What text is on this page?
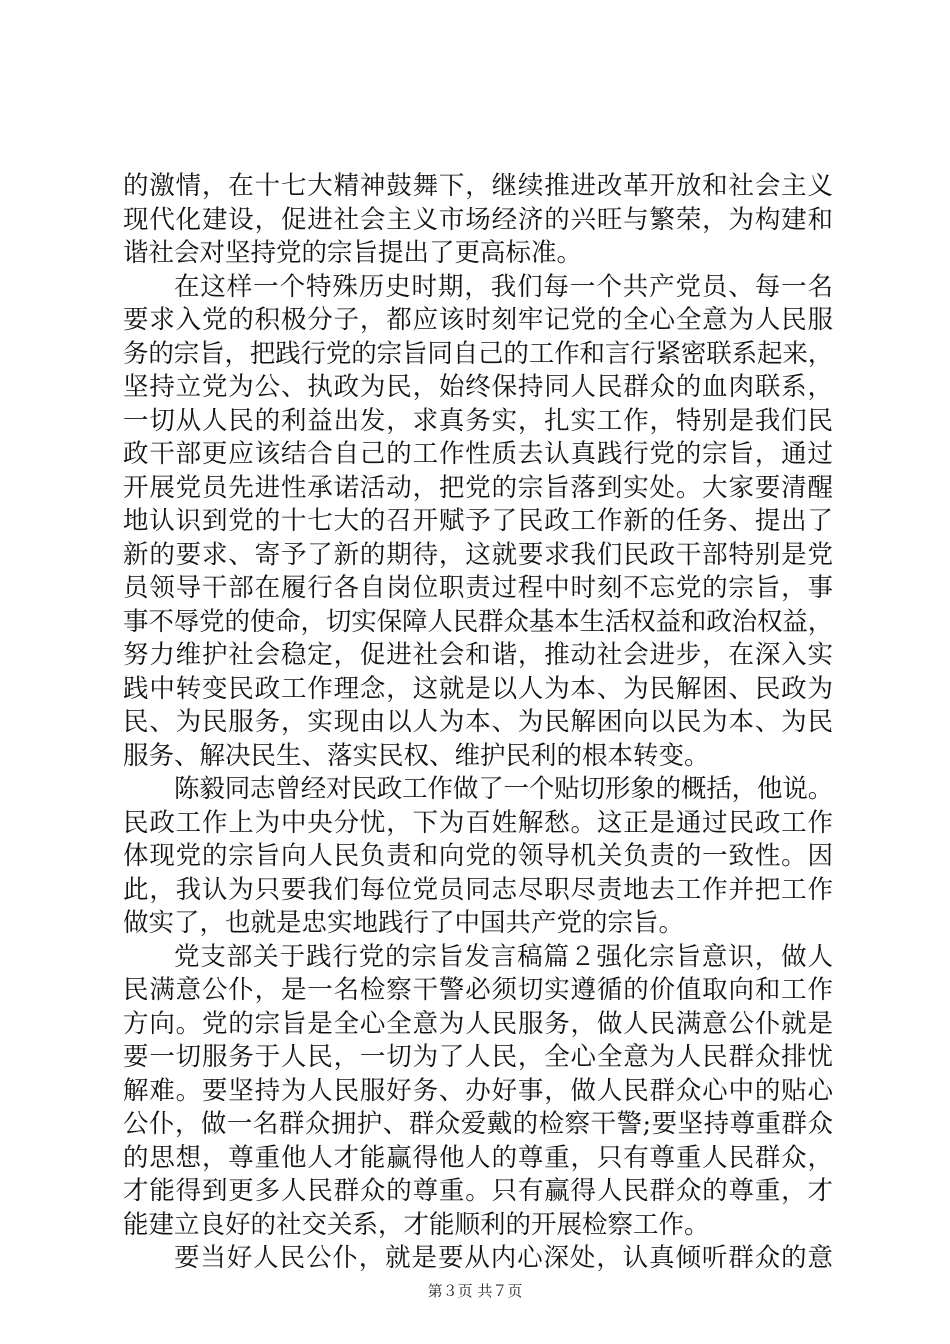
的激情，在十七大精神鼓舞下，继续推进改革开放和社会主义
现代化建设，促进社会主义市场经济的兴旺与繁荣，为构建和
谐社会对坚持党的宗旨提出了更高标准。
在这样一个特殊历史时期，我们每一个共产党员、每一名
要求入党的积极分子，都应该时刻牢记党的全心全意为人民服
务的宗旨，把践行党的宗旨同自己的工作和言行紧密联系起来，
坚持立党为公、执政为民，始终保持同人民群众的血肉联系，
一切从人民的利益出发，求真务实，扎实工作，特别是我们民
政干部更应该结合自己的工作性质去认真践行党的宗旨，通过
开展党员先进性承诺活动，把党的宗旨落到实处。大家要清醒
地认识到党的十七大的召开赋予了民政工作新的任务、提出了
新的要求、寄予了新的期待，这就要求我们民政干部特别是党
员领导干部在履行各自岗位职责过程中时刻不忘党的宗旨，事
事不辱党的使命，切实保障人民群众基本生活权益和政治权益，
努力维护社会稳定，促进社会和谐，推动社会进步，在深入实
践中转变民政工作理念，这就是以人为本、为民解困、民政为
民、为民服务，实现由以人为本、为民解困向以民为本、为民
服务、解决民生、落实民权、维护民利的根本转变。
陈毅同志曾经对民政工作做了一个贴切形象的概括，他说。
民政工作上为中央分忧，下为百姓解愁。这正是通过民政工作
体现党的宗旨向人民负责和向党的领导机关负责的一致性。因
此，我认为只要我们每位党员同志尽职尽责地去工作并把工作
做实了，也就是忠实地践行了中国共产党的宗旨。
党支部关于践行党的宗旨发言稿篇２强化宗旨意识，做人
民满意公仆，是一名检察干警必须切实遵循的价值取向和工作
方向。党的宗旨是全心全意为人民服务，做人民满意公仆就是
要一切服务于人民，一切为了人民，全心全意为人民群众排忧
解难。要坚持为人民服好务、办好事，做人民群众心中的贴心
公仆，做一名群众拥护、群众爱戴的检察干警;要坚持尊重群众
的思想，尊重他人才能赢得他人的尊重，只有尊重人民群众，
才能得到更多人民群众的尊重。只有赢得人民群众的尊重，才
能建立良好的社交关系，才能顺利的开展检察工作。
要当好人民公仆，就是要从内心深处，认真倾听群众的意
第３页 共７页
